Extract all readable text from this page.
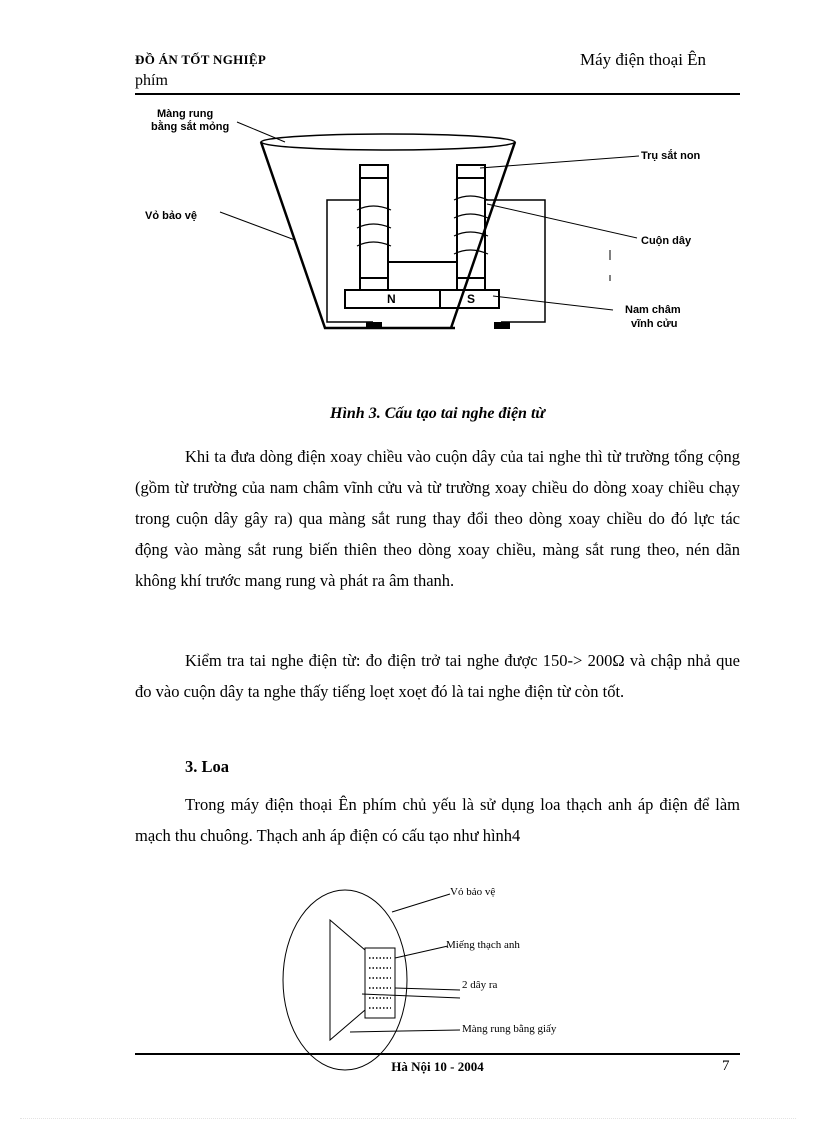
ĐỒ ÁN TỐT NGHIỆP
phím
Máy điện thoại Ên
N	S
Màng rung
bằng sắt mỏng
Vỏ bảo vệ
Trụ sắt non
Cuộn dây
Nam châm
vĩnh cửu
Hình 3. Cấu tạo tai nghe điện từ

Khi ta đưa dòng điện xoay chiều vào cuộn dây của tai nghe thì từ trường tổng cộng (gồm từ trường của nam châm vĩnh cửu và từ trường xoay chiều do dòng xoay chiều chạy trong cuộn dây gây ra) qua màng sắt rung thay đổi theo dòng xoay chiều do đó lực tác động vào màng sắt rung biến thiên theo dòng xoay chiều, màng sắt rung theo, nén dãn không khí trước mang rung và phát ra âm thanh.

Kiểm tra tai nghe điện từ: đo điện trở tai nghe được 150-> 200Ω và chập nhả que đo vào cuộn dây ta nghe thấy tiếng loẹt xoẹt đó là tai nghe điện từ còn tốt.

3. Loa

Trong máy điện thoại Ên phím chủ yếu là sử dụng loa thạch anh áp điện để làm mạch thu chuông. Thạch anh áp điện có cấu tạo như hình4

Vỏ bảo vệ
Miếng thạch anh
2 dây ra
Màng rung bằng giấy
Hà Nội 10 - 2004	7
